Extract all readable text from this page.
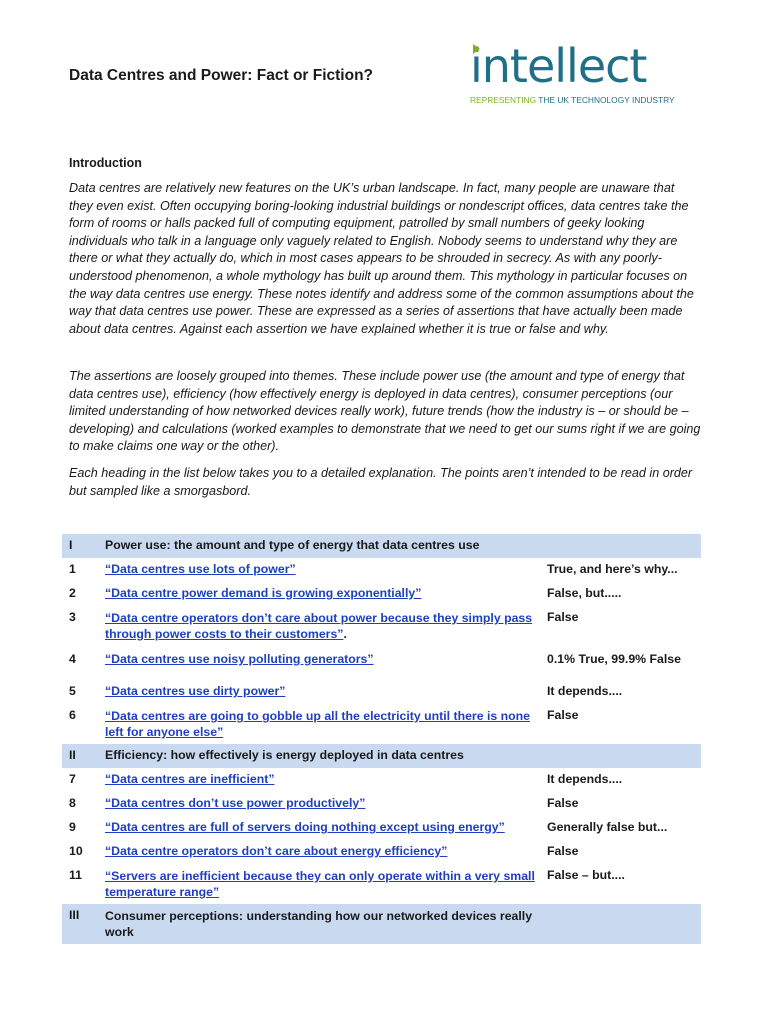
Data Centres and Power: Fact or Fiction? intellect
REPRESENTING THE UK TECHNOLOGY INDUSTRY
Introduction
Data centres are relatively new features on the UK’s urban landscape. In fact, many people are unaware that they even exist. Often occupying boring-looking industrial buildings or nondescript offices, data centres take the form of rooms or halls packed full of computing equipment, patrolled by small numbers of geeky looking individuals who talk in a language only vaguely related to English. Nobody seems to understand why they are there or what they actually do, which in most cases appears to be shrouded in secrecy. As with any poorly-understood phenomenon, a whole mythology has built up around them. This mythology in particular focuses on the way data centres use energy. These notes identify and address some of the common assumptions about the way that data centres use power. These are expressed as a series of assertions that have actually been made about data centres. Against each assertion we have explained whether it is true or false and why.
The assertions are loosely grouped into themes. These include power use (the amount and type of energy that data centres use), efficiency (how effectively energy is deployed in data centres), consumer perceptions (our limited understanding of how networked devices really work), future trends (how the industry is – or should be – developing) and calculations (worked examples to demonstrate that we need to get our sums right if we are going to make claims one way or the other).
Each heading in the list below takes you to a detailed explanation. The points aren’t intended to be read in order but sampled like a smorgasbord.
I	Power use: the amount and type of energy that data centres use	
1	“Data centres use lots of power”	True, and here’s why...
2	“Data centre power demand is growing exponentially”	False, but.....
3	“Data centre operators don’t care about power because they simply pass through power costs to their customers”.	False
4	“Data centres use noisy polluting generators”	0.1% True, 99.9% False
5	“Data centres use dirty power”	It depends....
6	“Data centres are going to gobble up all the electricity until there is none left for anyone else”	False
II	Efficiency: how effectively is energy deployed in data centres	
7	“Data centres are inefficient”	It depends....
8	“Data centres don’t use power productively”	False
9	“Data centres are full of servers doing nothing except using energy”	Generally false but...
10	“Data centre operators don’t care about energy efficiency”	False
11	“Servers are inefficient because they can only operate within a very small temperature range”	False – but....
III	Consumer perceptions: understanding how our networked devices really work	
